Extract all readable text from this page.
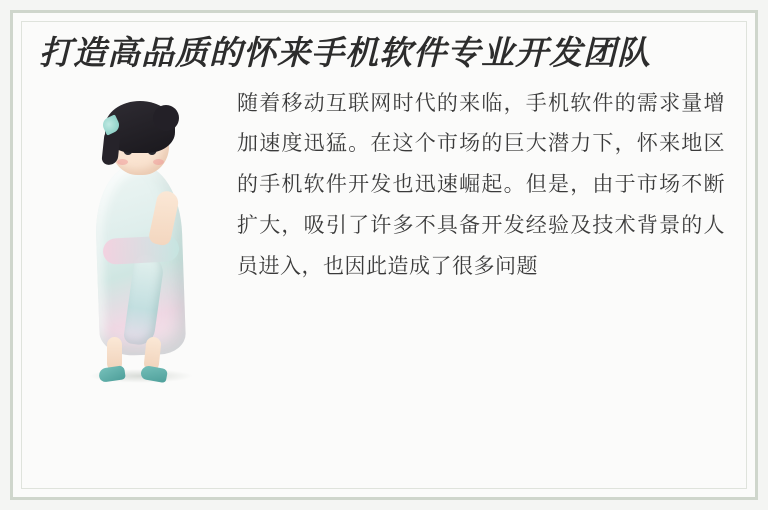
打造高品质的怀来手机软件专业开发团队
随着移动互联网时代的来临，手机软件的需求量增加速度迅猛。在这个市场的巨大潜力下，怀来地区的手机软件开发也迅速崛起。但是，由于市场不断扩大，吸引了许多不具备开发经验及技术背景的人员进入，也因此造成了很多问题
